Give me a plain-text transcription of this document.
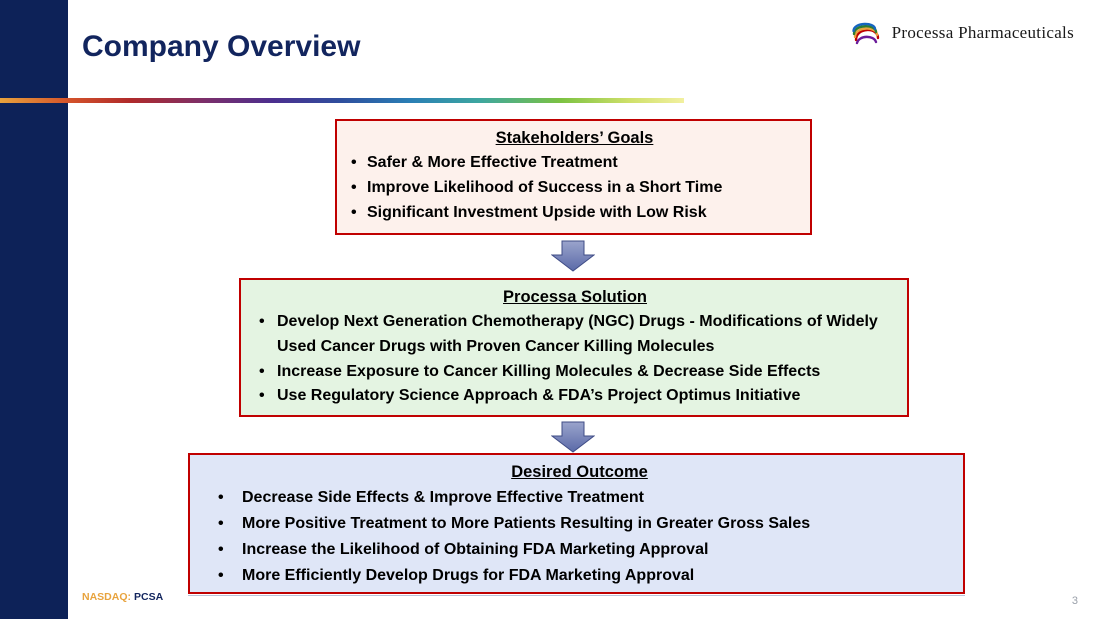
Company Overview	Processa Pharmaceuticals
Stakeholders’ Goals
• Safer & More Effective Treatment
• Improve Likelihood of Success in a Short Time
• Significant Investment Upside with Low Risk
Processa Solution
• Develop Next Generation Chemotherapy (NGC) Drugs - Modifications of Widely Used Cancer Drugs with Proven Cancer Killing Molecules
• Increase Exposure to Cancer Killing Molecules & Decrease Side Effects
• Use Regulatory Science Approach & FDA’s Project Optimus Initiative
Desired Outcome
• Decrease Side Effects & Improve Effective Treatment
• More Positive Treatment to More Patients Resulting in Greater Gross Sales
• Increase the Likelihood of Obtaining FDA Marketing Approval
• More Efficiently Develop Drugs for FDA Marketing Approval
NASDAQ: PCSA	3
